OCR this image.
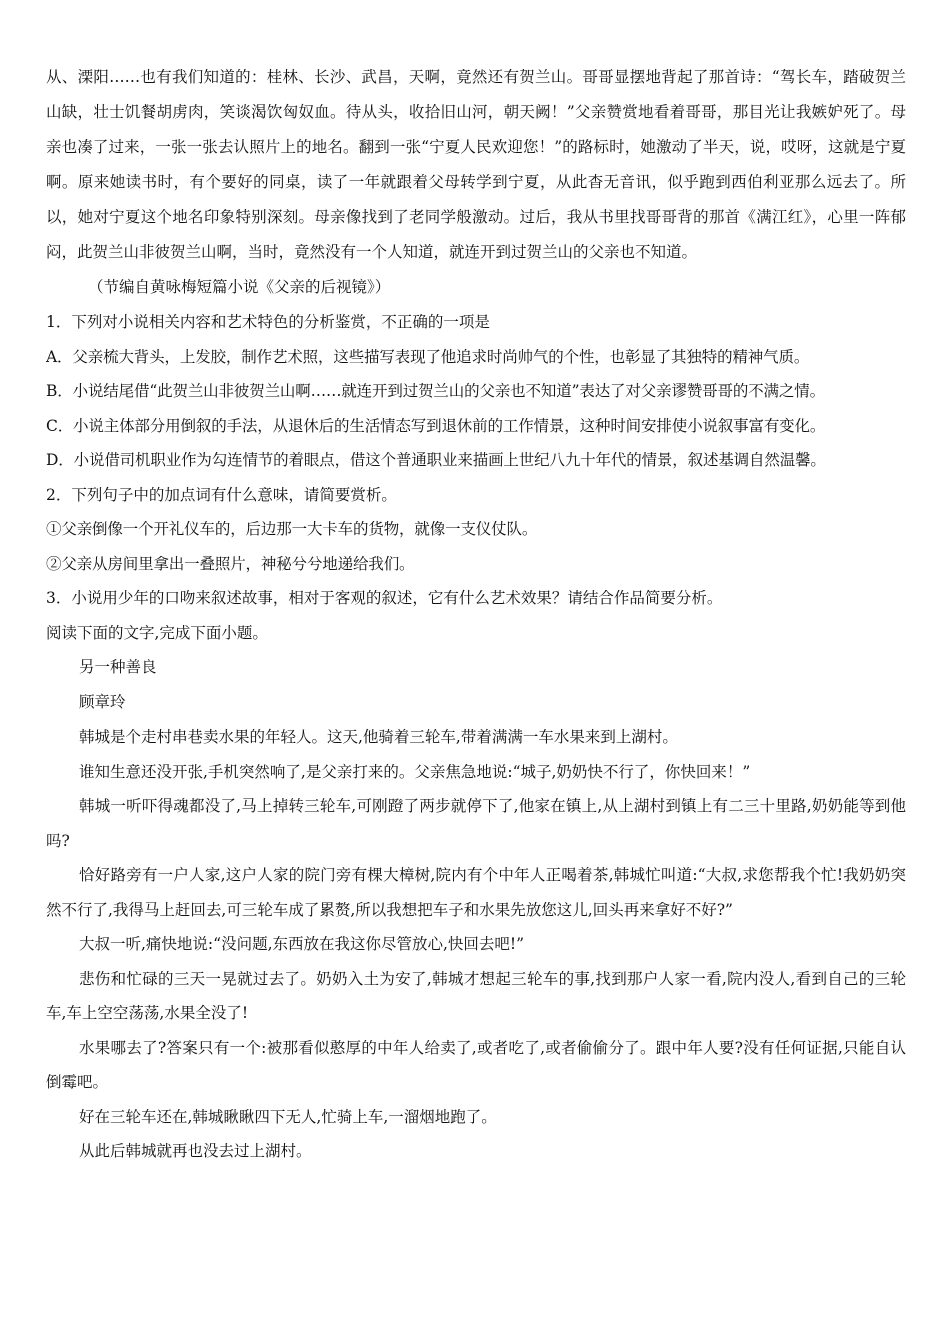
从、溧阳……也有我们知道的：桂林、长沙、武昌，天啊，竟然还有贺兰山。哥哥显摆地背起了那首诗：“驾长车，踏破贺兰山缺，壮士饥餐胡虏肉，笑谈渴饮匈奴血。待从头，收拾旧山河，朝天阙！”父亲赞赏地看着哥哥，那目光让我嫉妒死了。母亲也凑了过来，一张一张去认照片上的地名。翻到一张“宁夏人民欢迎您！”的路标时，她激动了半天，说，哎呀，这就是宁夏啊。原来她读书时，有个要好的同桌，读了一年就跟着父母转学到宁夏，从此杳无音讯，似乎跑到西伯利亚那么远去了。所以，她对宁夏这个地名印象特别深刻。母亲像找到了老同学般激动。过后，我从书里找哥哥背的那首《满江红》，心里一阵郁闷，此贺兰山非彼贺兰山啊，当时，竟然没有一个人知道，就连开到过贺兰山的父亲也不知道。

（节编自黄咏梅短篇小说《父亲的后视镜》）
1．下列对小说相关内容和艺术特色的分析鉴赏，不正确的一项是
A．父亲梳大背头，上发胶，制作艺术照，这些描写表现了他追求时尚帅气的个性，也彰显了其独特的精神气质。
B．小说结尾借“此贺兰山非彼贺兰山啊……就连开到过贺兰山的父亲也不知道”表达了对父亲谬赞哥哥的不满之情。
C．小说主体部分用倒叙的手法，从退休后的生活情态写到退休前的工作情景，这种时间安排使小说叙事富有变化。
D．小说借司机职业作为勾连情节的着眼点，借这个普通职业来描画上世纪八九十年代的情景，叙述基调自然温馨。
2．下列句子中的加点词有什么意味，请简要赏析。
①父亲倒像一个开礼仪车的，后边那一大卡车的货物，就像一支仪仗队。
②父亲从房间里拿出一叠照片，神秘兮兮地递给我们。
3．小说用少年的口吻来叙述故事，相对于客观的叙述，它有什么艺术效果？请结合作品简要分析。
阅读下面的文字,完成下面小题。
另一种善良
顾章玲

韩城是个走村串巷卖水果的年轻人。这天,他骑着三轮车,带着满满一车水果来到上湖村。

谁知生意还没开张,手机突然响了,是父亲打来的。父亲焦急地说:“城子,奶奶快不行了，你快回来！”

韩城一听吓得魂都没了,马上掉转三轮车,可刚蹬了两步就停下了,他家在镇上,从上湖村到镇上有二三十里路,奶奶能等到他吗?

恰好路旁有一户人家,这户人家的院门旁有棵大樟树,院内有个中年人正喝着茶,韩城忙叫道:“大叔,求您帮我个忙!我奶奶突然不行了,我得马上赶回去,可三轮车成了累赘,所以我想把车子和水果先放您这儿,回头再来拿好不好?”

大叔一听,痛快地说:“没问题,东西放在我这你尽管放心,快回去吧!”

悲伤和忙碌的三天一晃就过去了。奶奶入土为安了,韩城才想起三轮车的事,找到那户人家一看,院内没人,看到自己的三轮车,车上空空荡荡,水果全没了!

水果哪去了?答案只有一个:被那看似憨厚的中年人给卖了,或者吃了,或者偷偷分了。跟中年人要?没有任何证据,只能自认倒霉吧。

好在三轮车还在,韩城瞅瞅四下无人,忙骑上车,一溜烟地跑了。

从此后韩城就再也没去过上湖村。
